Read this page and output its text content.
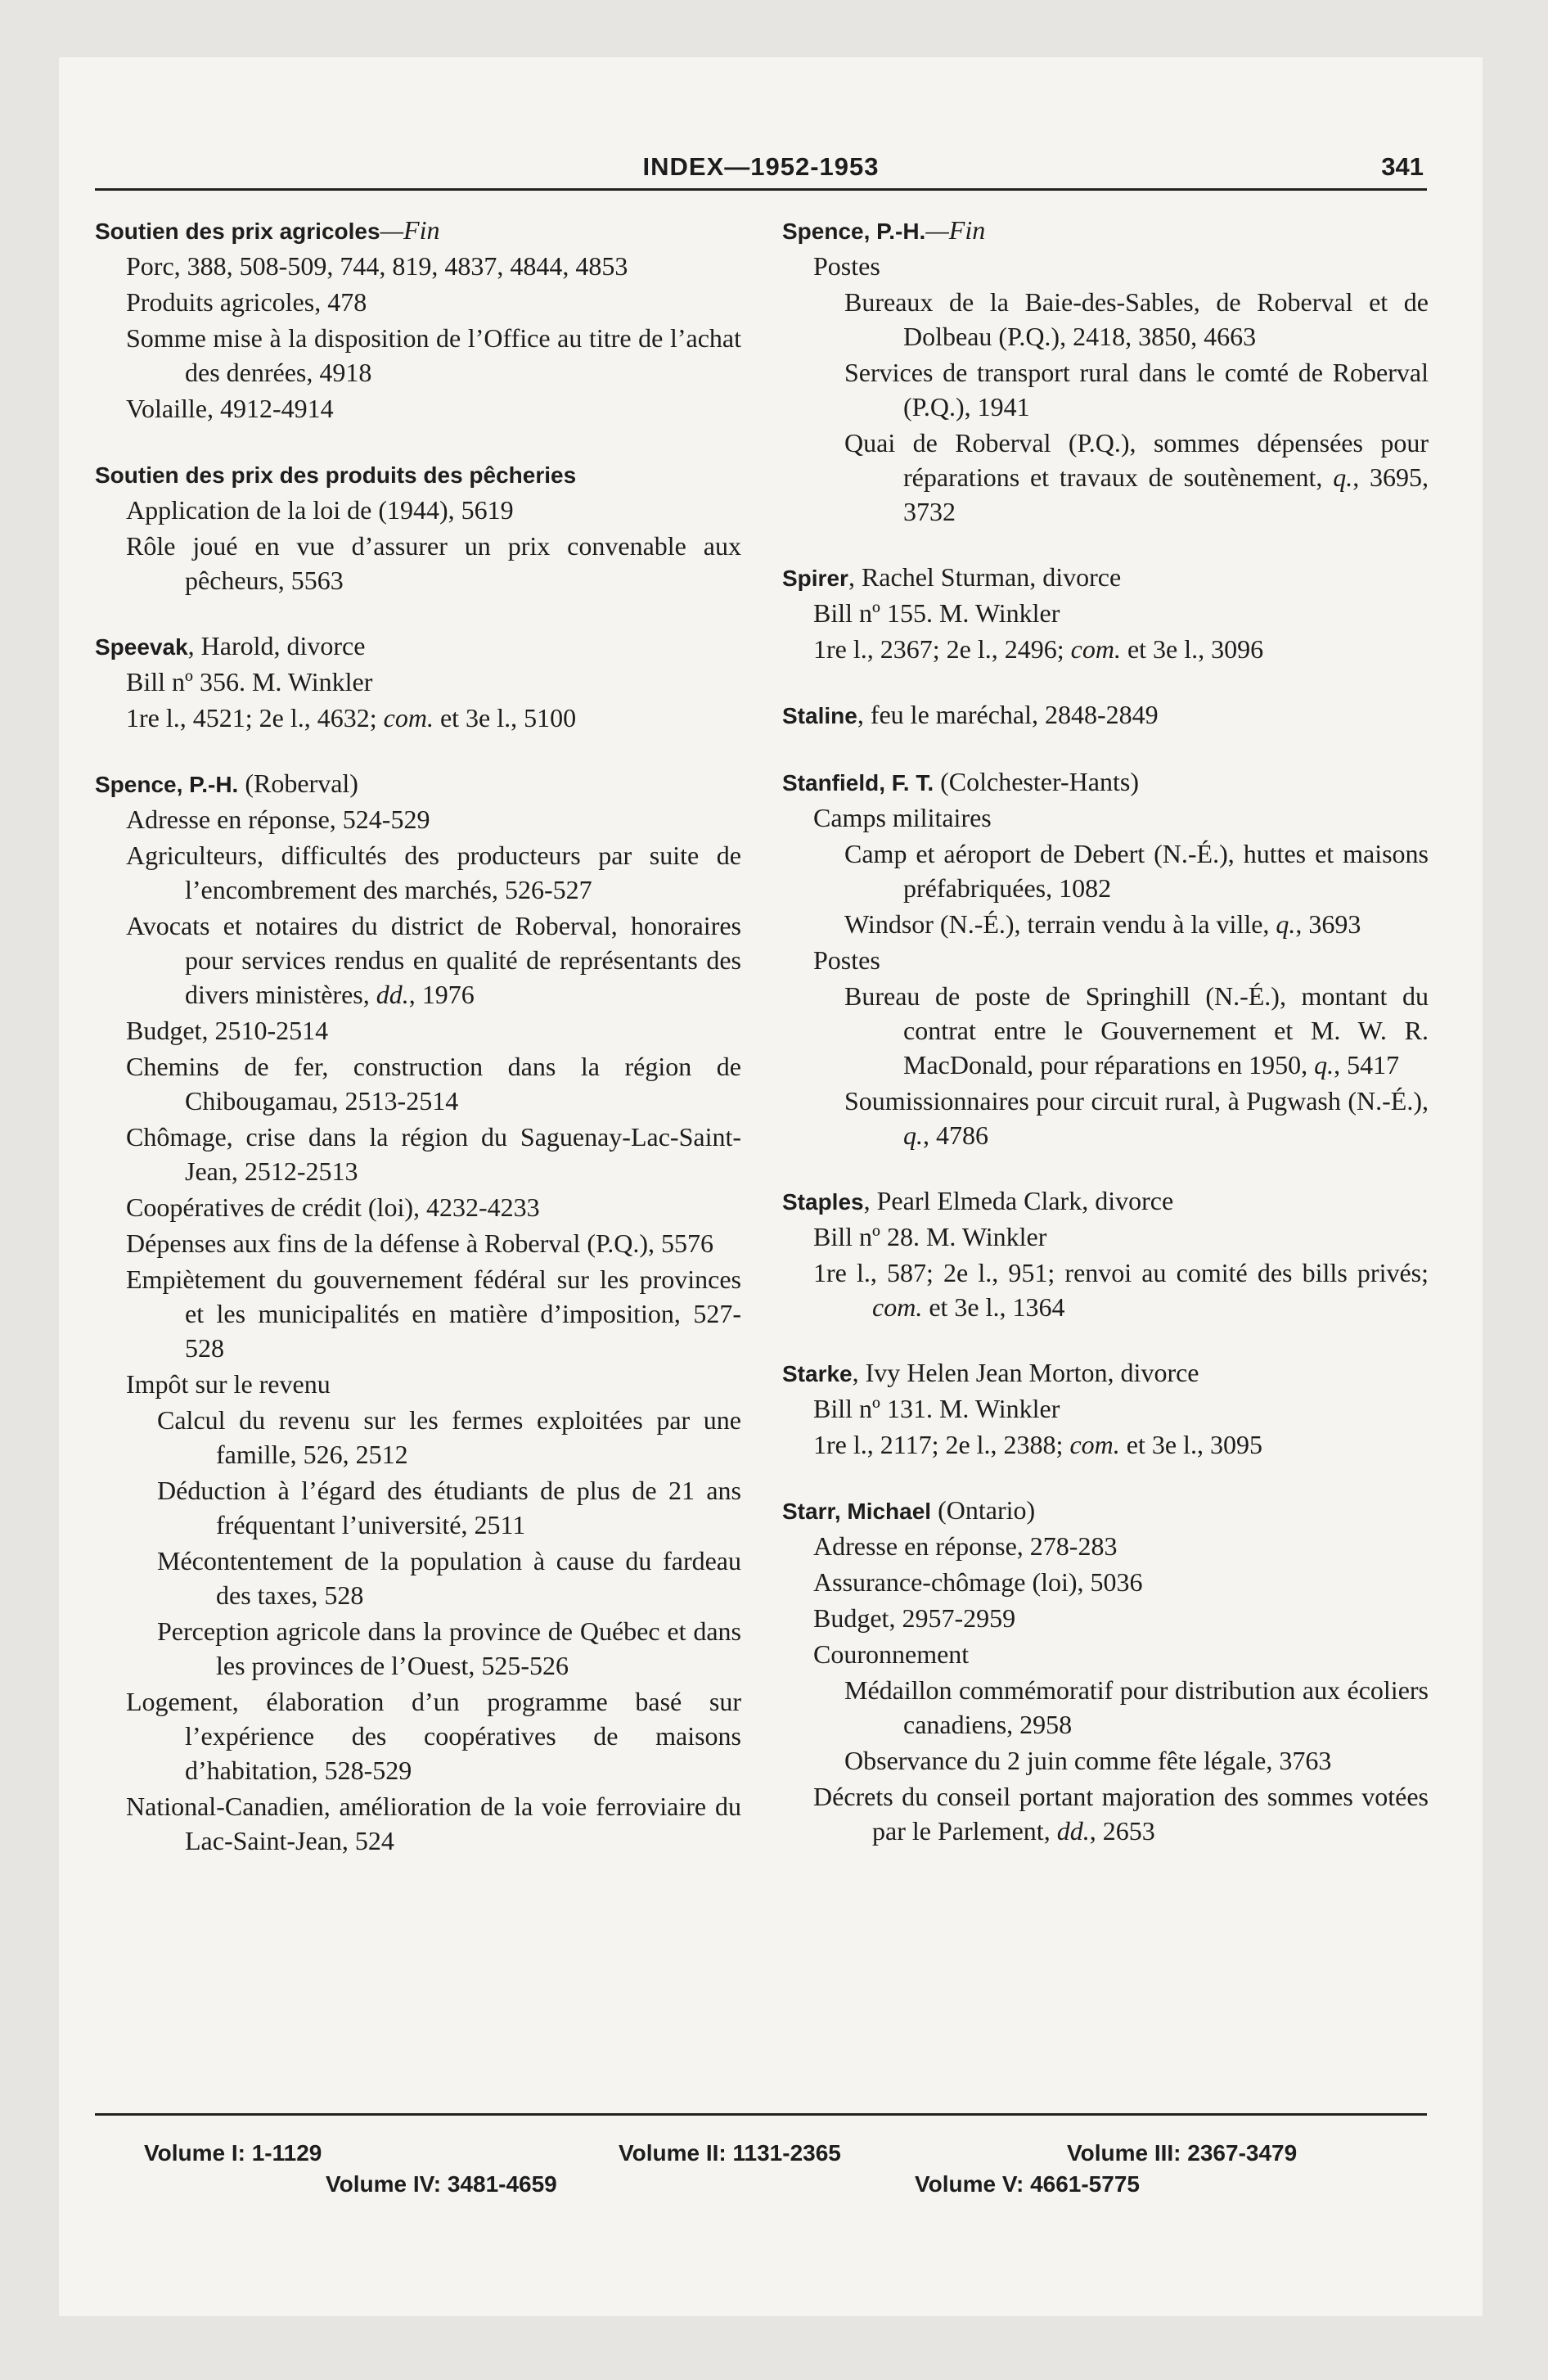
INDEX—1952-1953	341
Soutien des prix agricoles—Fin
Porc, 388, 508-509, 744, 819, 4837, 4844, 4853
Produits agricoles, 478
Somme mise à la disposition de l’Office au titre de l’achat des denrées, 4918
Volaille, 4912-4914
Soutien des prix des produits des pêcheries
Application de la loi de (1944), 5619
Rôle joué en vue d’assurer un prix convenable aux pêcheurs, 5563
Speevak, Harold, divorce
Bill nº 356. M. Winkler
1re l., 4521; 2e l., 4632; com. et 3e l., 5100
Spence, P.-H. (Roberval)
Adresse en réponse, 524-529
Agriculteurs, difficultés des producteurs par suite de l’encombrement des marchés, 526-527
Avocats et notaires du district de Roberval, honoraires pour services rendus en qualité de représentants des divers ministères, dd., 1976
Budget, 2510-2514
Chemins de fer, construction dans la région de Chibougamau, 2513-2514
Chômage, crise dans la région du Saguenay-Lac-Saint-Jean, 2512-2513
Coopératives de crédit (loi), 4232-4233
Dépenses aux fins de la défense à Roberval (P.Q.), 5576
Empiètement du gouvernement fédéral sur les provinces et les municipalités en matière d’imposition, 527-528
Impôt sur le revenu
Calcul du revenu sur les fermes exploitées par une famille, 526, 2512
Déduction à l’égard des étudiants de plus de 21 ans fréquentant l’université, 2511
Mécontentement de la population à cause du fardeau des taxes, 528
Perception agricole dans la province de Québec et dans les provinces de l’Ouest, 525-526
Logement, élaboration d’un programme basé sur l’expérience des coopératives de maisons d’habitation, 528-529
National-Canadien, amélioration de la voie ferroviaire du Lac-Saint-Jean, 524
Spence, P.-H.—Fin
Postes
Bureaux de la Baie-des-Sables, de Roberval et de Dolbeau (P.Q.), 2418, 3850, 4663
Services de transport rural dans le comté de Roberval (P.Q.), 1941
Quai de Roberval (P.Q.), sommes dépensées pour réparations et travaux de soutènement, q., 3695, 3732
Spirer, Rachel Sturman, divorce
Bill nº 155. M. Winkler
1re l., 2367; 2e l., 2496; com. et 3e l., 3096
Staline, feu le maréchal, 2848-2849
Stanfield, F. T. (Colchester-Hants)
Camps militaires
Camp et aéroport de Debert (N.-É.), huttes et maisons préfabriquées, 1082
Windsor (N.-É.), terrain vendu à la ville, q., 3693
Postes
Bureau de poste de Springhill (N.-É.), montant du contrat entre le Gouvernement et M. W. R. MacDonald, pour réparations en 1950, q., 5417
Soumissionnaires pour circuit rural, à Pugwash (N.-É.), q., 4786
Staples, Pearl Elmeda Clark, divorce
Bill nº 28. M. Winkler
1re l., 587; 2e l., 951; renvoi au comité des bills privés; com. et 3e l., 1364
Starke, Ivy Helen Jean Morton, divorce
Bill nº 131. M. Winkler
1re l., 2117; 2e l., 2388; com. et 3e l., 3095
Starr, Michael (Ontario)
Adresse en réponse, 278-283
Assurance-chômage (loi), 5036
Budget, 2957-2959
Couronnement
Médaillon commémoratif pour distribution aux écoliers canadiens, 2958
Observance du 2 juin comme fête légale, 3763
Décrets du conseil portant majoration des sommes votées par le Parlement, dd., 2653
Volume I: 1-1129	Volume II: 1131-2365	Volume III: 2367-3479
Volume IV: 3481-4659	Volume V: 4661-5775
